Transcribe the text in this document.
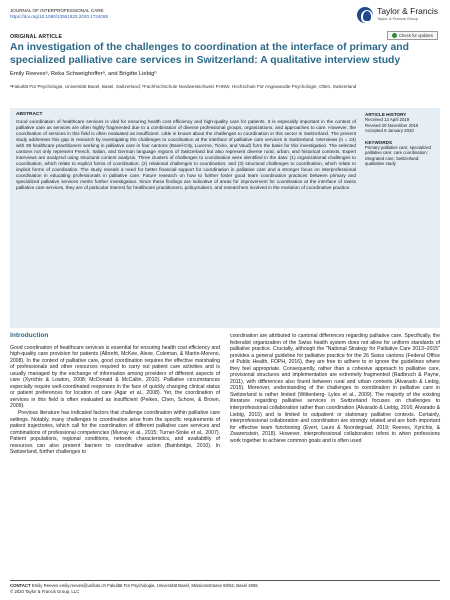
JOURNAL OF INTERPROFESSIONAL CARE
https://doi.org/10.1080/13561820.2020.1724085
Taylor & Francis
Taylor & Francis Group
ORIGINAL ARTICLE	Check for updates
An investigation of the challenges to coordination at the interface of primary and specialized palliative care services in Switzerland: A qualitative interview study
Emily Reevesᵃ, Reka Schweighofferᵃ, and Brigitte Liebigᵇ
ᵃFakultät Für Psychologie, Universität Basel, Basel, Switzerland; ᵇFachhochschule Nordwestschweiz FHNW, Hochschule Für Angewandte Psychologie, Olten, Switzerland
ABSTRACT
Good coordination of healthcare services is vital for ensuring health cost efficiency and high-quality care for patients. It is especially important in the context of palliative care as services are often highly fragmented due to a combination of diverse professional groups, organizations, and approaches to care. However, the coordination of services in this field is often evaluated as insufficient. Little is known about the challenges to coordination in this sector in Switzerland. The present study addresses this gap in research by investigating the challenges to coordination at the interface of palliative care services in Switzerland. Interviews (n = 24) with 38 healthcare practitioners working in palliative care in four cantons (Basel-City, Lucerne, Ticino, and Vaud) form the basis for this investigation. The selected cantons not only represent French, Italian, and German language regions of Switzerland but also represent diverse rural, urban, and historical contexts. Expert interviews are analyzed using structural content analysis. Three clusters of challenges to coordination were identified in the data: (1) organizational challenges to coordination, which relate to explicit forms of coordination; (2) relational challenges to coordination; and (3) structural challenges to coordination, which relate to implicit forms of coordination. The study reveals a need for better financial support for coordination in palliative care and a stronger focus on interprofessional coordination in educating professionals in palliative care. Future research on how to further foster good team coordination practices between primary and specialized palliative services merits further investigation. Since these findings are indicative of areas for improvement for coordination at the interface of Swiss palliative care services, they are of particular interest for healthcare practitioners, policymakers, and researchers involved in the evolution of coordinative practice.
ARTICLE HISTORY
Received 13 April 2019
Revised 29 November 2019
Accepted 9 January 2020
KEYWORDS
Primary palliative care; specialized palliative care; care coordination; integrated care; Switzerland; qualitative study
Introduction

Good coordination of healthcare services is essential for ensuring health cost efficiency and high-quality care provision for patients (Albreht, McKee, Alexe, Coleman, & Martin-Moreno, 2008). In the context of palliative care, good coordination requires the effective marshaling of professionals and other resources required to carry out patient care activities and is usually managed by the exchange of information among providers of different aspects of care (Xyrichis & Lowton, 2008; McDonald & McCallin, 2010). Palliative circumstances especially require well-coordinated responses in the face of quickly changing clinical status or patient preferences for location of care (Agar et al., 2008). Yet, the coordination of services in this field is often evaluated as insufficient (Peikes, Chen, Schore, & Brown, 2009).

Previous literature has indicated factors that challenge coordination within palliative care settings. Notably, many challenges to coordination arise from the specific requirements of patient trajectories, which call for the coordination of different palliative care services and combinations of professional competencies (Murray et al., 2015; Turner-Stoke et al., 2007). Patient populations, regional conditions, network characteristics, and availability of resources can also present barriers to coordinative action (Bainbridge, 2010). In Switzerland, further challenges to

coordination are attributed to cantonal differences regarding palliative care. Specifically, the federalist organization of the Swiss health system does not allow for uniform standards of palliative practice. Crucially, although the "National Strategy for Palliative Care 2013–2015" provides a general guideline for palliative practice for the 26 Swiss cantons (Federal Office of Public Health, FOPH, 2016), they are free to adhere to or ignore the guidelines where they feel appropriate. Consequently, rather than a cohesive approach to palliative care, provisional structures and implementation are extremely fragmented (Radbruch & Payne, 2011), with differences also found between rural and urban contexts (Alvarado & Liebig, 2015). Moreover, understanding of the challenges to coordination in palliative care in Switzerland is rather limited (Wittenberg- Lyles et al., 2009). The majority of the existing literature regarding palliative services in Switzerland focuses on challenges to interprofessional collaboration rather than coordination (Alvarado & Liebig, 2016; Alvarado & Liebig, 2015) and is limited to outpatient or stationary palliative contexts. Certainly, interprofessional collaboration and coordination are strongly related and are both important for effective team functioning (Evert, Laurs & Noordegraaf, 2019; Reeves, Xyrichis, & Zwarenstein, 2018). However, interprofessional collaboration refers to when professions work together to achieve common goals and is often used

CONTACT Emily Reeves emily.reeves@unibas.ch Fakultät Für Psychologie, Universität Basel, Missionsstrasse 60/62, Basel 4055
© 2020 Taylor & Francis Group, LLC
